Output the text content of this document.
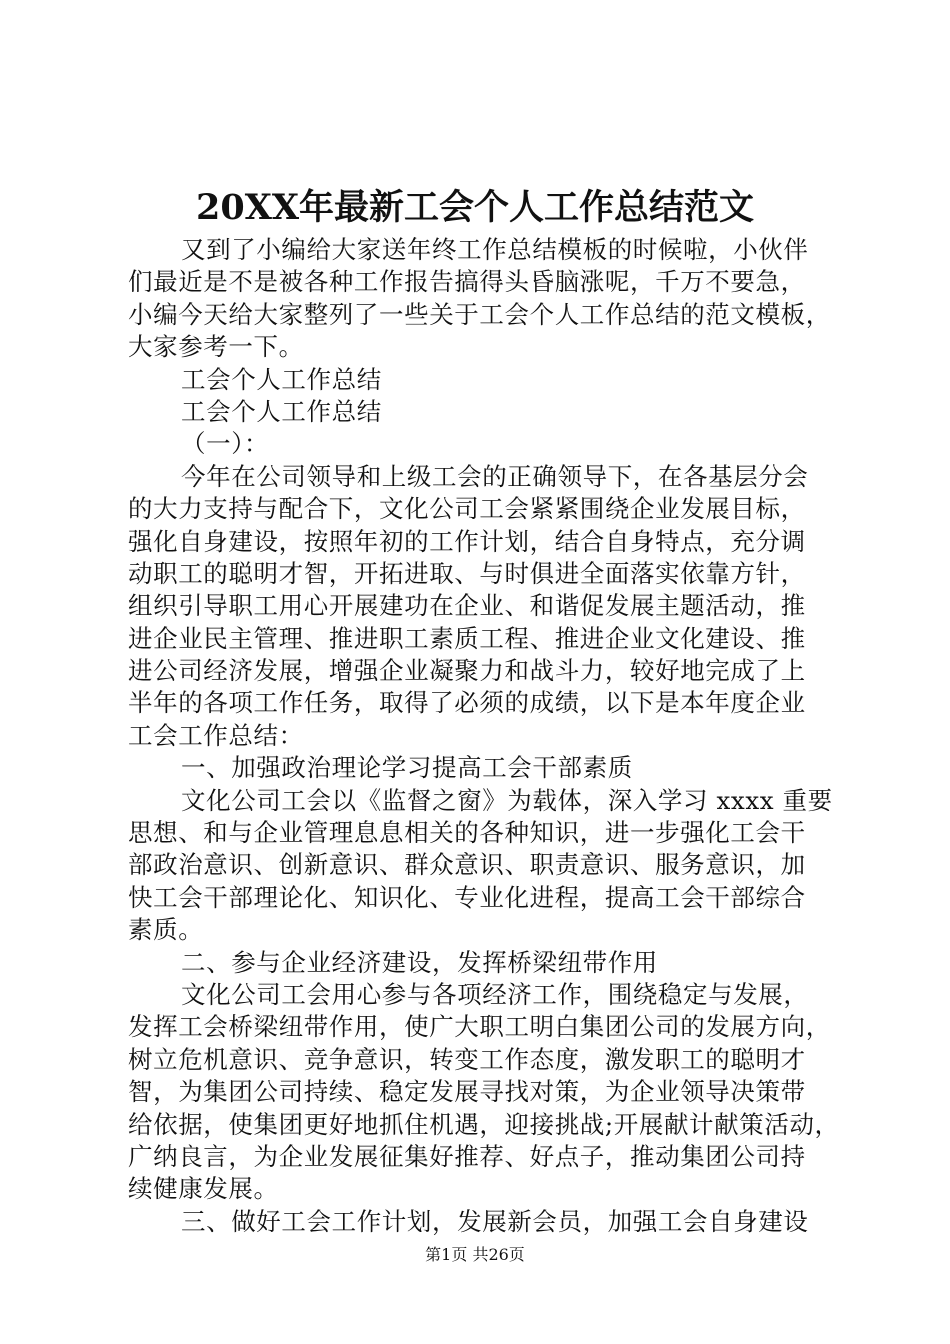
20XX年最新工会个人工作总结范文
又到了小编给大家送年终工作总结模板的时候啦，小伙伴
们最近是不是被各种工作报告搞得头昏脑涨呢，千万不要急，
小编今天给大家整列了一些关于工会个人工作总结的范文模板，
大家参考一下。
工会个人工作总结
工会个人工作总结
（一）：
今年在公司领导和上级工会的正确领导下，在各基层分会
的大力支持与配合下，文化公司工会紧紧围绕企业发展目标，
强化自身建设，按照年初的工作计划，结合自身特点，充分调
动职工的聪明才智，开拓进取、与时俱进全面落实依靠方针，
组织引导职工用心开展建功在企业、和谐促发展主题活动，推
进企业民主管理、推进职工素质工程、推进企业文化建设、推
进公司经济发展，增强企业凝聚力和战斗力，较好地完成了上
半年的各项工作任务，取得了必须的成绩，以下是本年度企业
工会工作总结：
一、加强政治理论学习提高工会干部素质
文化公司工会以《监督之窗》为载体，深入学习 xxxx 重要
思想、和与企业管理息息相关的各种知识，进一步强化工会干
部政治意识、创新意识、群众意识、职责意识、服务意识，加
快工会干部理论化、知识化、专业化进程，提高工会干部综合
素质。
二、参与企业经济建设，发挥桥梁纽带作用
文化公司工会用心参与各项经济工作，围绕稳定与发展，
发挥工会桥梁纽带作用，使广大职工明白集团公司的发展方向，
树立危机意识、竞争意识，转变工作态度，激发职工的聪明才
智，为集团公司持续、稳定发展寻找对策，为企业领导决策带
给依据，使集团更好地抓住机遇，迎接挑战;开展献计献策活动，
广纳良言，为企业发展征集好推荐、好点子，推动集团公司持
续健康发展。
三、做好工会工作计划，发展新会员，加强工会自身建设
第1页 共26页
